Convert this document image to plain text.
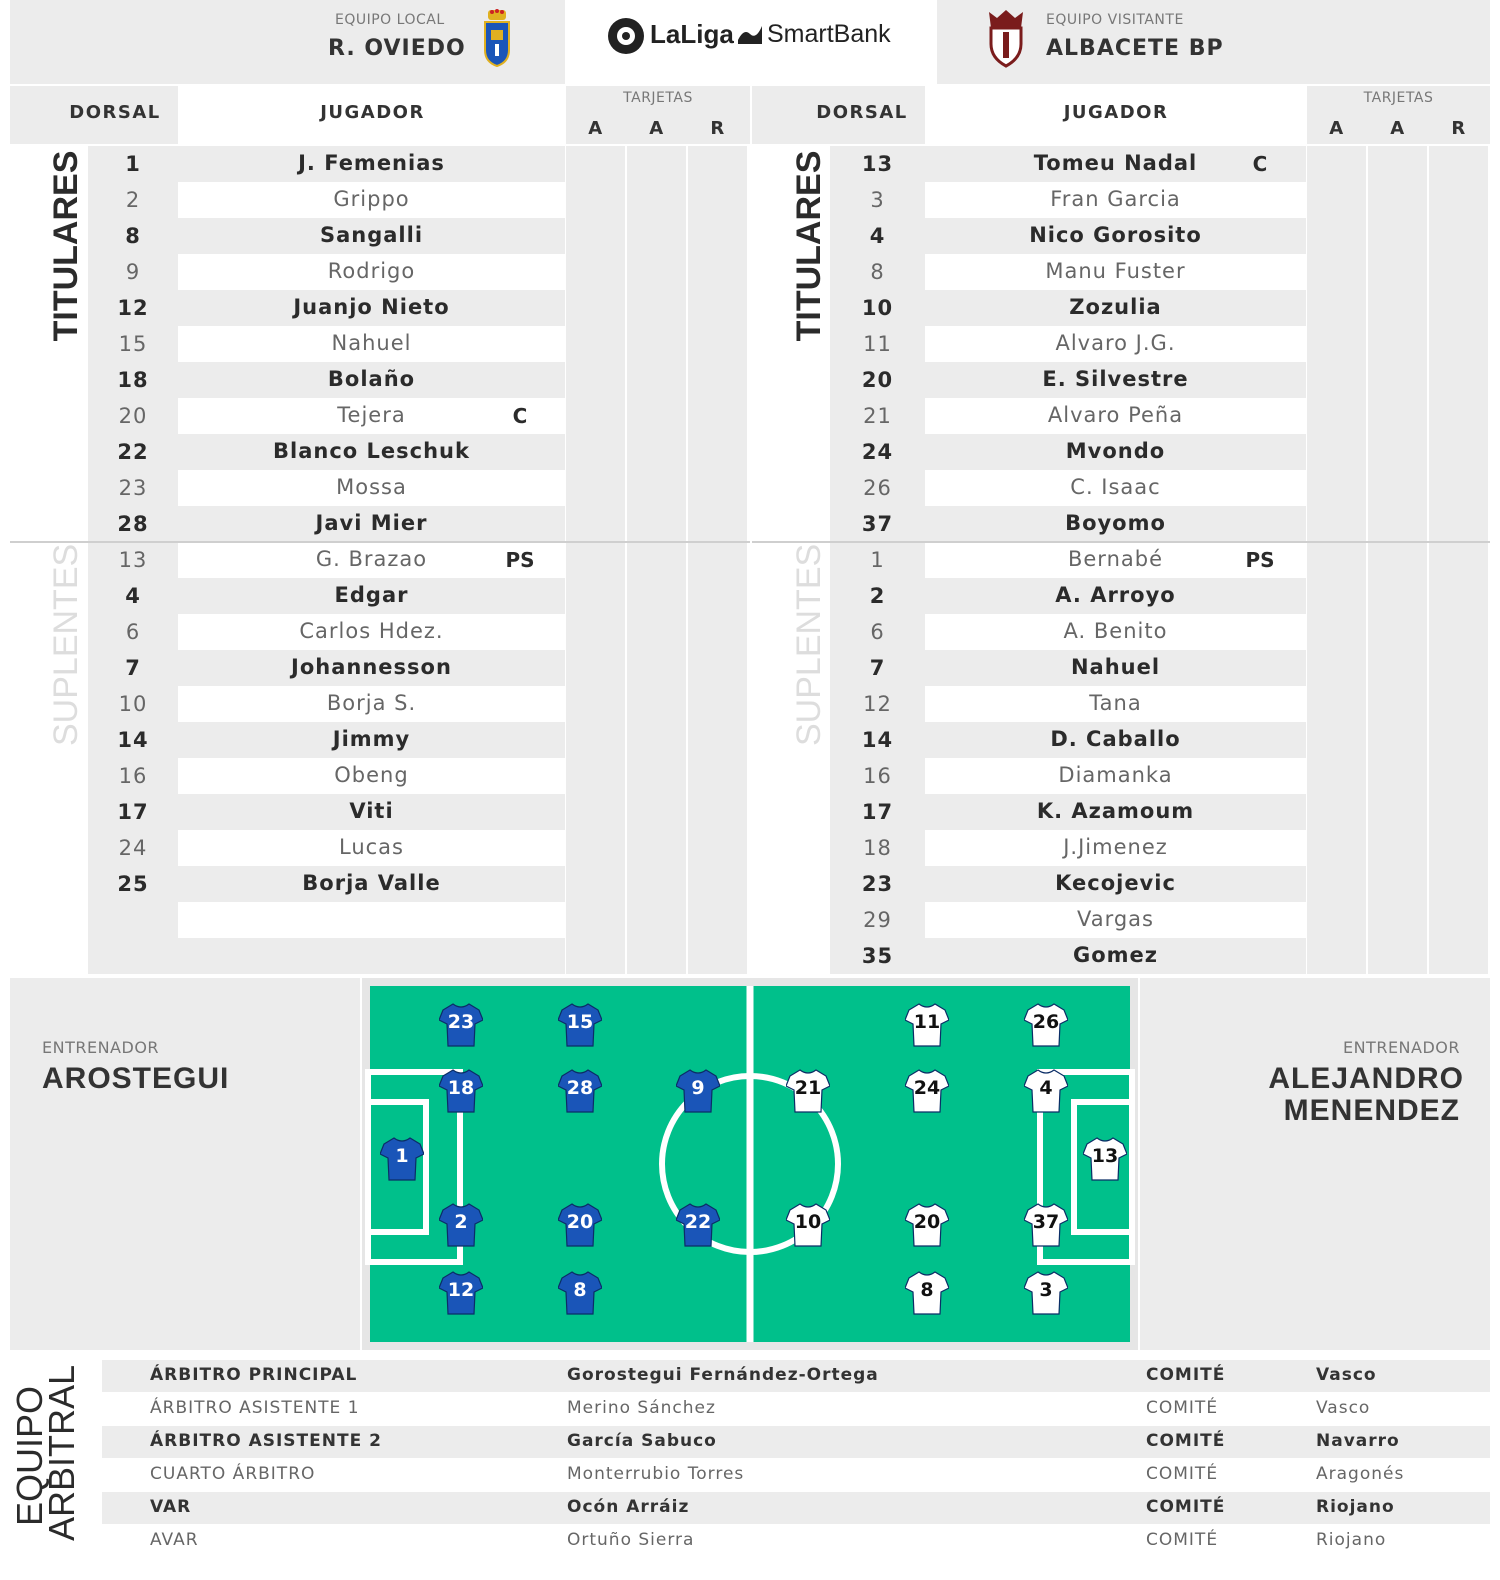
EQUIPO LOCAL
R. OVIEDO	LaLiga SmartBank	EQUIPO VISITANTE
ALBACETE BP
DORSAL	JUGADOR
TARJETAS
A	A	R
DORSAL	JUGADOR
TARJETAS
A	A	R
1	J. Femenias
2	Grippo
8	Sangalli
9	Rodrigo
12	Juanjo Nieto
15	Nahuel
18	Bolaño
20	Tejera	C
22	Blanco Leschuk
23	Mossa
28	Javi Mier
13	G. Brazao	PS
4	Edgar
6	Carlos Hdez.
7	Johannesson
10	Borja S.
14	Jimmy
16	Obeng
17	Viti
24	Lucas
25	Borja Valle
13	Tomeu Nadal	C
3	Fran Garcia
4	Nico Gorosito
8	Manu Fuster
10	Zozulia
11	Alvaro J.G.
20	E. Silvestre
21	Alvaro Peña
24	Mvondo
26	C. Isaac
37	Boyomo
1	Bernabé	PS
2	A. Arroyo
6	A. Benito
7	Nahuel
12	Tana
14	D. Caballo
16	Diamanka
17	K. Azamoum
18	J.Jimenez
23	Kecojevic
29	Vargas
35	Gomez
TITULARES
SUPLENTES
TITULARES
SUPLENTES
ENTRENADOR
AROSTEGUI
ENTRENADOR
ALEJANDRO
MENENDEZ
23	15
18	28	9
1
2	20	22
12	8
11	26
21	24	4
13
10	20	37
8	3
EQUIPO
ARBITRAL	ÁRBITRO PRINCIPAL	Gorostegui Fernández-Ortega	COMITÉ	Vasco
ÁRBITRO ASISTENTE 1	Merino Sánchez	COMITÉ	Vasco
ÁRBITRO ASISTENTE 2	García Sabuco	COMITÉ	Navarro
CUARTO ÁRBITRO	Monterrubio Torres	COMITÉ	Aragonés
VAR	Ocón Arráiz	COMITÉ	Riojano
AVAR	Ortuño Sierra	COMITÉ	Riojano
